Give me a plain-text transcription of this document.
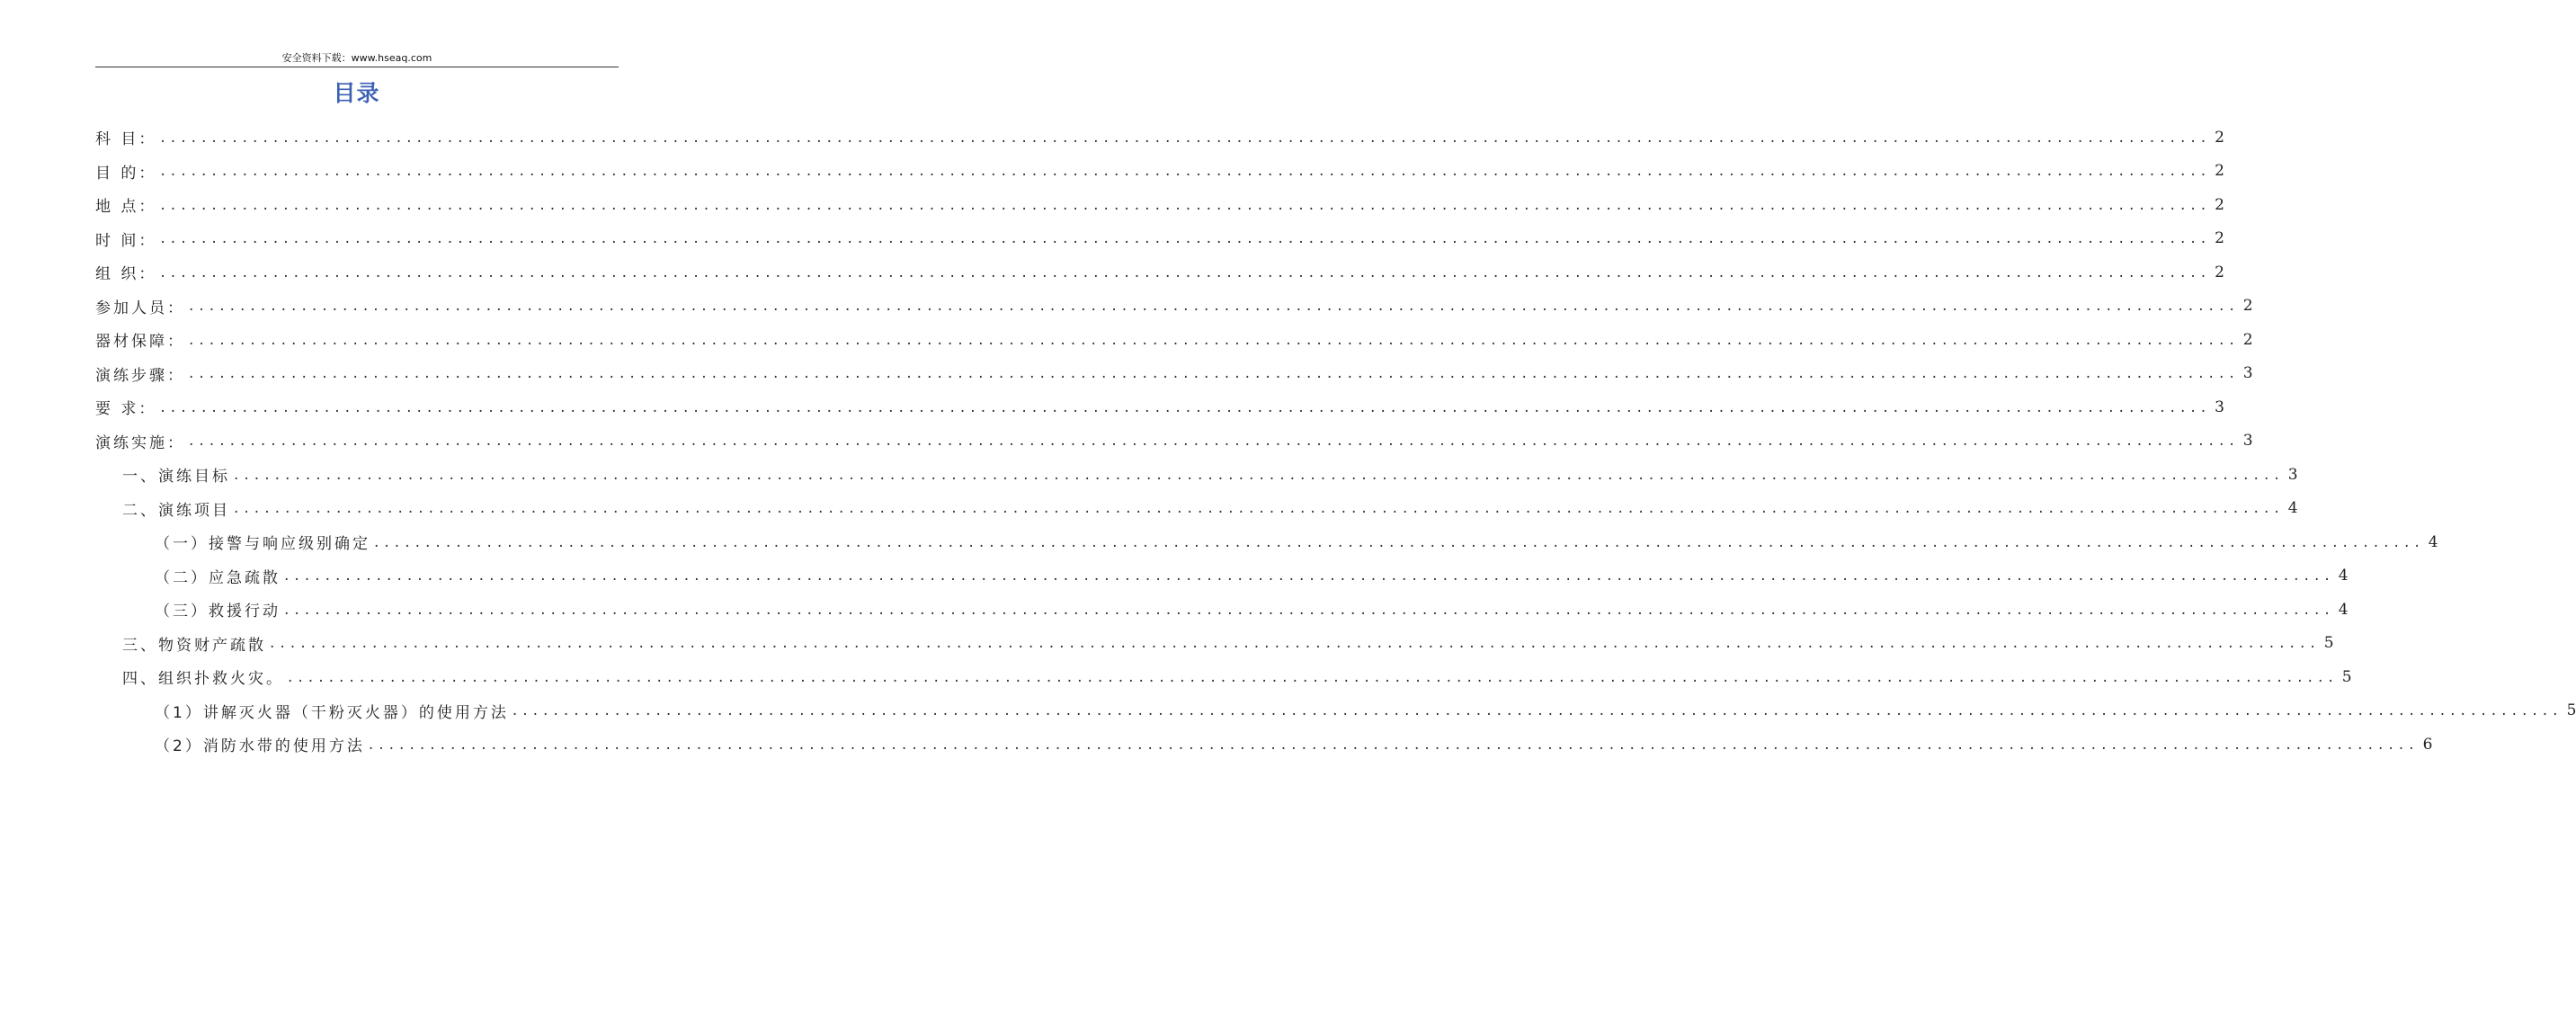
安全资料下载：www.hseaq.com
目录
科 目： ........................................................................................................................................................................................................ 2
目 的： ........................................................................................................................................................................................................ 2
地 点： ........................................................................................................................................................................................................ 2
时 间： ........................................................................................................................................................................................................ 2
组 织： ........................................................................................................................................................................................................ 2
参加人员： ........................................................................................................................................................................................................ 2
器材保障： ........................................................................................................................................................................................................ 2
演练步骤： ........................................................................................................................................................................................................ 3
要 求： ........................................................................................................................................................................................................ 3
演练实施： ........................................................................................................................................................................................................ 3
一、演练目标 ........................................................................................................................................................................................................ 3
二、演练项目 ........................................................................................................................................................................................................ 4
（一）接警与响应级别确定 ........................................................................................................................................................................................................ 4
（二）应急疏散 ........................................................................................................................................................................................................ 4
（三）救援行动 ........................................................................................................................................................................................................ 4
三、物资财产疏散 ........................................................................................................................................................................................................ 5
四、组织扑救火灾。 ........................................................................................................................................................................................................ 5
（1）讲解灭火器（干粉灭火器）的使用方法 ........................................................................................................................................................................................................ 5
（2）消防水带的使用方法 ........................................................................................................................................................................................................ 6
